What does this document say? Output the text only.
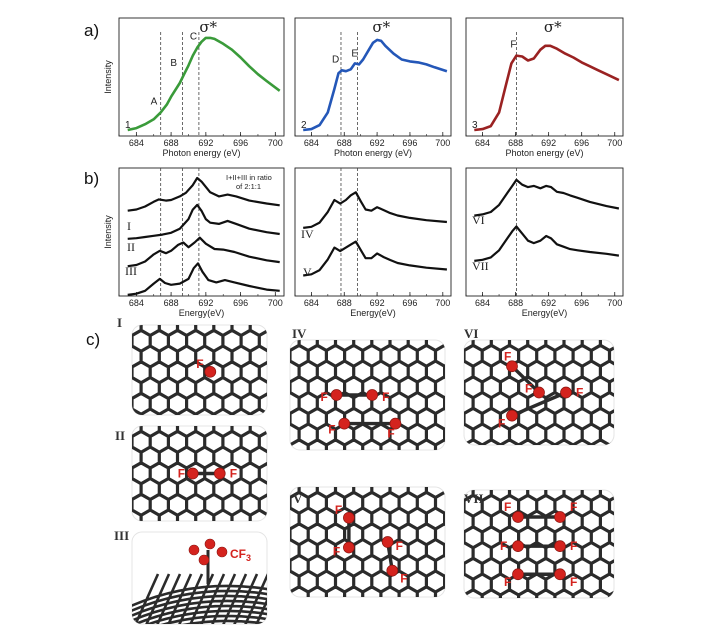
a)
b)
c)
684 688 692 696 700
Photon energy (eV)
Intensity
1
A
B
C
σ*
684 688 692 696 700
Photon energy (eV)
2
D
E
σ*
684 688 692 696 700
Photon energy (eV)
3
F
σ*
684 688 692 696 700
Energy(eV)
Intensity I
II
III
684 688 692 696 700
Energy(eV)
IV
V
684 688 692 696 700
Energy(eV)
VI
VII
I+II+III in ratio
of 2:1:1
F
I
F	F
II
$CF_3$
III
F	F
F	F
IV
F
F	F
F
V
F
F	F
F
VI
F	F
F	F
F	F
VII
